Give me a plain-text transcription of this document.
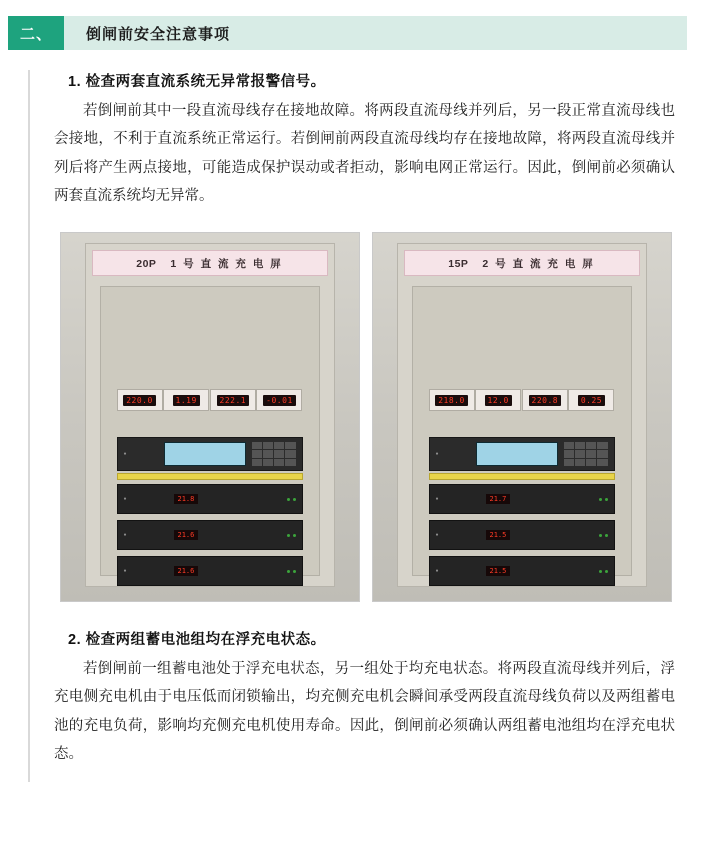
二、	倒闸前安全注意事项
1. 检查两套直流系统无异常报警信号。
若倒闸前其中一段直流母线存在接地故障。将两段直流母线并列后，另一段正常直流母线也会接地，不利于直流系统正常运行。若倒闸前两段直流母线均存在接地故障，将两段直流母线并列后将产生两点接地，可能造成保护误动或者拒动，影响电网正常运行。因此，倒闸前必须确认两套直流系统均无异常。
20P 1 号 直 流 充 电 屏
220.0	1.19	222.1	-0.01
●
●	21.8
●	21.6
●	21.6
15P 2 号 直 流 充 电 屏
218.0	12.0	220.8	0.25
●
●	21.7
●	21.5
●	21.5
2. 检查两组蓄电池组均在浮充电状态。
若倒闸前一组蓄电池处于浮充电状态，另一组处于均充电状态。将两段直流母线并列后，浮充电侧充电机由于电压低而闭锁输出，均充侧充电机会瞬间承受两段直流母线负荷以及两组蓄电池的充电负荷，影响均充侧充电机使用寿命。因此，倒闸前必须确认两组蓄电池组均在浮充电状态。
